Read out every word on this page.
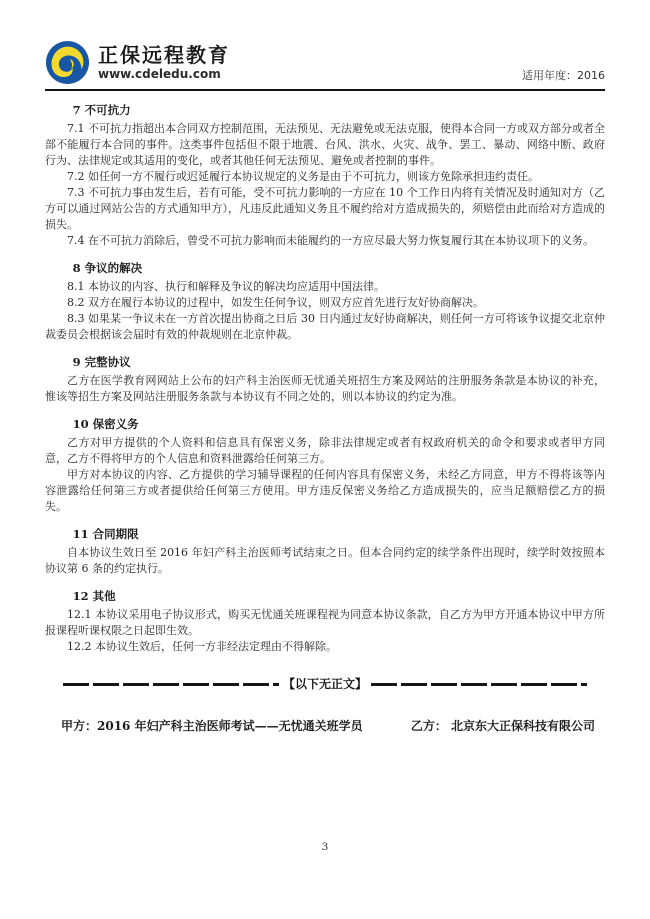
正保远程教育
www.cdeledu.com	适用年度：2016
7 不可抗力

7.1 不可抗力指超出本合同双方控制范围，无法预见、无法避免或无法克服，使得本合同一方或双方部分或者全部不能履行本合同的事件。这类事件包括但不限于地震、台风、洪水、火灾、战争、罢工、暴动、网络中断、政府行为、法律规定或其适用的变化，或者其他任何无法预见、避免或者控制的事件。

7.2 如任何一方不履行或迟延履行本协议规定的义务是由于不可抗力，则该方免除承担违约责任。

7.3 不可抗力事由发生后，若有可能，受不可抗力影响的一方应在 10 个工作日内将有关情况及时通知对方（乙方可以通过网站公告的方式通知甲方），凡违反此通知义务且不履约给对方造成损失的，须赔偿由此而给对方造成的损失。

7.4 在不可抗力消除后，曾受不可抗力影响而未能履约的一方应尽最大努力恢复履行其在本协议项下的义务。

8 争议的解决

8.1 本协议的内容、执行和解释及争议的解决均应适用中国法律。

8.2 双方在履行本协议的过程中，如发生任何争议，则双方应首先进行友好协商解决。

8.3 如果某一争议未在一方首次提出协商之日后 30 日内通过友好协商解决，则任何一方可将该争议提交北京仲裁委员会根据该会届时有效的仲裁规则在北京仲裁。

9 完整协议

乙方在医学教育网网站上公布的妇产科主治医师无忧通关班招生方案及网站的注册服务条款是本协议的补充，惟该等招生方案及网站注册服务条款与本协议有不同之处的，则以本协议的约定为准。

10 保密义务

乙方对甲方提供的个人资料和信息具有保密义务，除非法律规定或者有权政府机关的命令和要求或者甲方同意，乙方不得将甲方的个人信息和资料泄露给任何第三方。

甲方对本协议的内容、乙方提供的学习辅导课程的任何内容具有保密义务，未经乙方同意，甲方不得将该等内容泄露给任何第三方或者提供给任何第三方使用。甲方违反保密义务给乙方造成损失的，应当足额赔偿乙方的损失。

11 合同期限

自本协议生效日至 2016 年妇产科主治医师考试结束之日。但本合同约定的续学条件出现时，续学时效按照本协议第 6 条的约定执行。

12 其他

12.1 本协议采用电子协议形式，购买无忧通关班课程视为同意本协议条款，自乙方为甲方开通本协议中甲方所报课程听课权限之日起即生效。

12.2 本协议生效后，任何一方非经法定理由不得解除。

【以下无正文】
甲方：2016 年妇产科主治医师考试——无忧通关班学员	乙方： 北京东大正保科技有限公司
3
